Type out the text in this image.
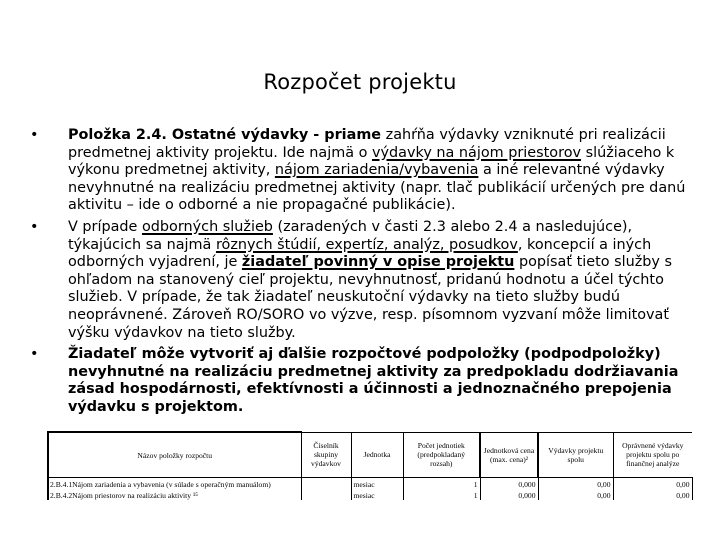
Rozpočet projektu
•	Položka 2.4. Ostatné výdavky - priame zahŕňa výdavky vzniknuté pri realizácii predmetnej aktivity projektu. Ide najmä o výdavky na nájom priestorov slúžiaceho k výkonu predmetnej aktivity, nájom zariadenia/vybavenia a iné relevantné výdavky nevyhnutné na realizáciu predmetnej aktivity (napr. tlač publikácií určených pre danú aktivitu – ide o odborné a nie propagačné publikácie).
•	V prípade odborných služieb (zaradených v časti 2.3 alebo 2.4 a nasledujúce), týkajúcich sa najmä rôznych štúdií, expertíz, analýz, posudkov, koncepcií a iných odborných vyjadrení, je žiadateľ povinný v opise projektu popísať tieto služby s ohľadom na stanovený cieľ projektu, nevyhnutnosť, pridanú hodnotu a účel týchto služieb. V prípade, že tak žiadateľ neuskutoční výdavky na tieto služby budú neoprávnené. Zároveň RO/SORO vo výzve, resp. písomnom vyzvaní môže limitovať výšku výdavkov na tieto služby.
•	Žiadateľ môže vytvoriť aj ďalšie rozpočtové podpoložky (podpodpoložky) nevyhnutné na realizáciu predmetnej aktivity za predpokladu dodržiavania zásad hospodárnosti, efektívnosti a účinnosti a jednoznačného prepojenia výdavku s projektom.
Názov položky rozpočtu	Číselník skupiny výdavkov	Jednotka	Počet jednotiek (predpokladaný rozsah)	Jednotková cena (max. cena)²	Výdavky projektu spolu	Oprávnené výdavky projektu spolu po finančnej analýze
2.B.4.1Nájom zariadenia a vybavenia (v súlade s operačným manuálom)		mesiac	1	0,000	0,00	0,00
2.B.4.2Nájom priestorov na realizáciu aktivity ¹⁵		mesiac	1	0,000	0,00	0,00
